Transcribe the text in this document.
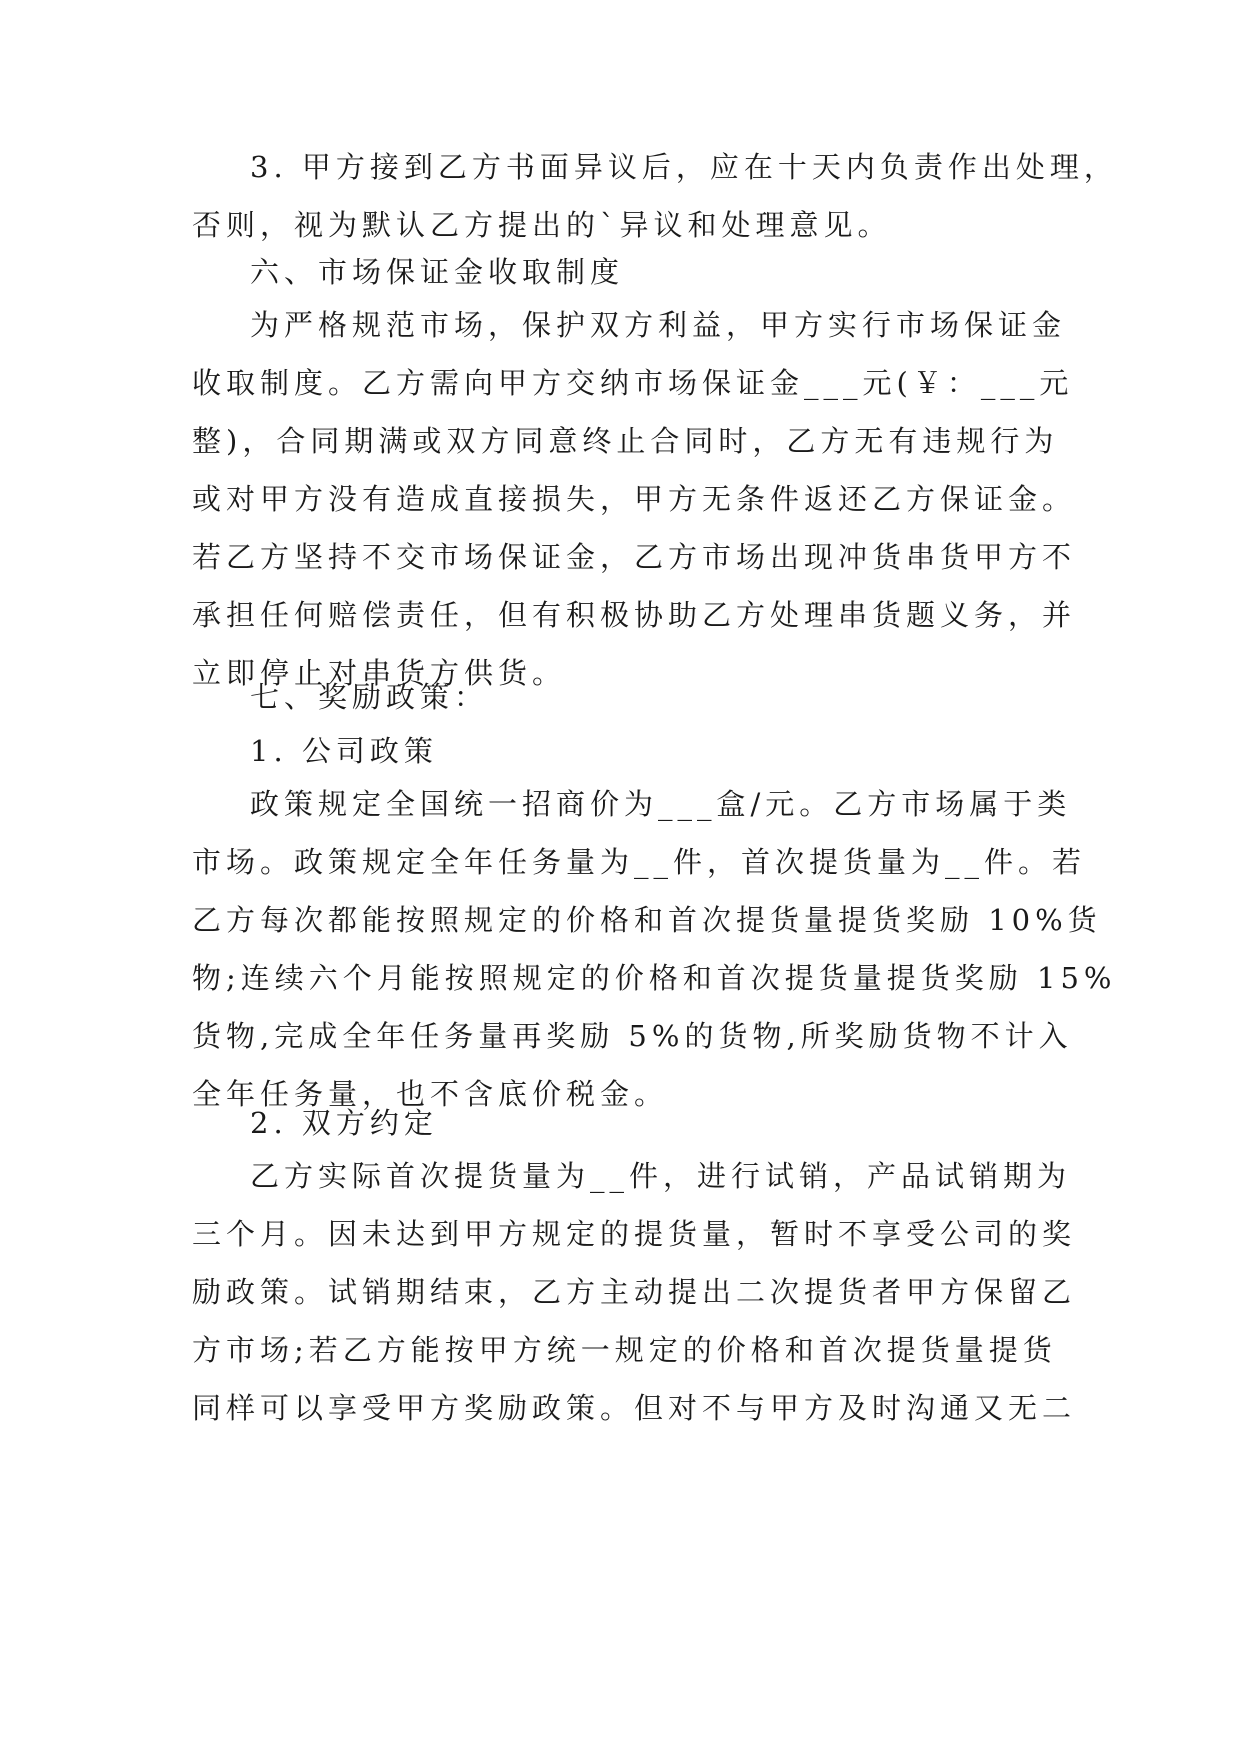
3. 甲方接到乙方书面异议后，应在十天内负责作出处理，
否则，视为默认乙方提出的`异议和处理意见。
六、市场保证金收取制度
为严格规范市场，保护双方利益，甲方实行市场保证金
收取制度。乙方需向甲方交纳市场保证金___元(￥：___元
整)，合同期满或双方同意终止合同时，乙方无有违规行为
或对甲方没有造成直接损失，甲方无条件返还乙方保证金。
若乙方坚持不交市场保证金，乙方市场出现冲货串货甲方不
承担任何赔偿责任，但有积极协助乙方处理串货题义务，并
立即停止对串货方供货。
七、奖励政策：
1. 公司政策
政策规定全国统一招商价为___盒/元。乙方市场属于类
市场。政策规定全年任务量为__件，首次提货量为__件。若
乙方每次都能按照规定的价格和首次提货量提货奖励 10%货
物;连续六个月能按照规定的价格和首次提货量提货奖励 15%
货物,完成全年任务量再奖励 5%的货物,所奖励货物不计入
全年任务量，也不含底价税金。
2. 双方约定
乙方实际首次提货量为__件，进行试销，产品试销期为
三个月。因未达到甲方规定的提货量，暂时不享受公司的奖
励政策。试销期结束，乙方主动提出二次提货者甲方保留乙
方市场;若乙方能按甲方统一规定的价格和首次提货量提货
同样可以享受甲方奖励政策。但对不与甲方及时沟通又无二
